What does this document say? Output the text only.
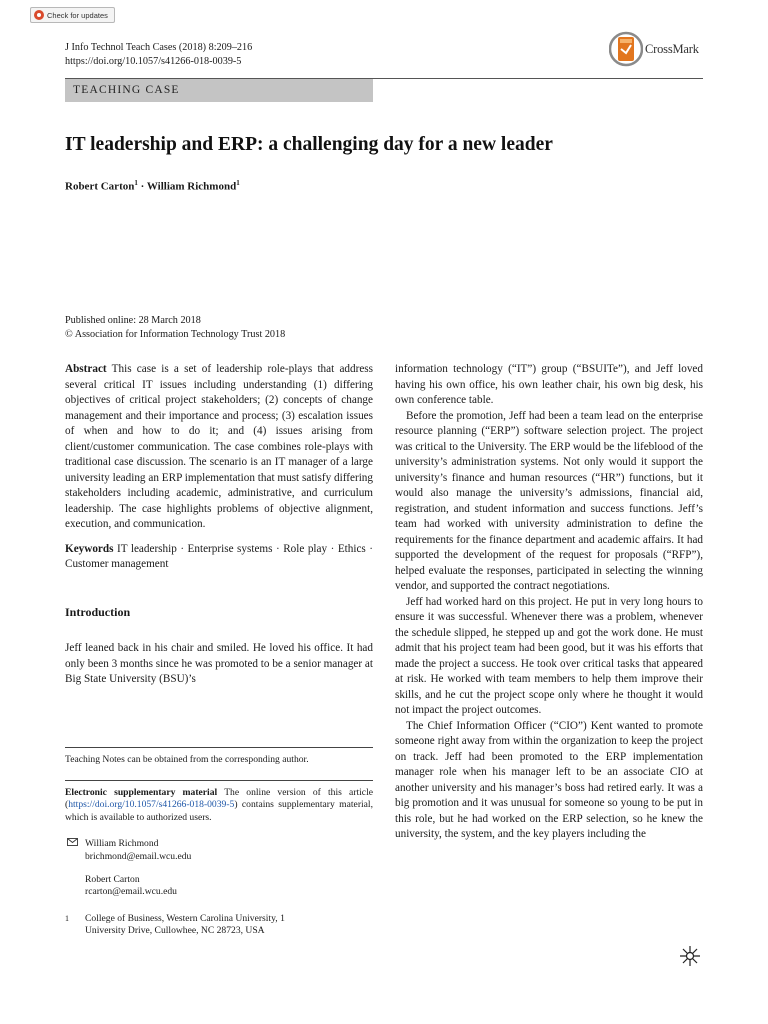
Check for updates
J Info Technol Teach Cases (2018) 8:209–216
https://doi.org/10.1057/s41266-018-0039-5
CrossMark
TEACHING CASE
IT leadership and ERP: a challenging day for a new leader
Robert Carton$^1$ · William Richmond$^1$
Published online: 28 March 2018
© Association for Information Technology Trust 2018

Abstract This case is a set of leadership role-plays that address several critical IT issues including understanding (1) differing objectives of critical project stakeholders; (2) concepts of change management and their importance and process; (3) escalation issues of when and how to do it; and (4) issues arising from client/customer communication. The case combines role-plays with traditional case discussion. The scenario is an IT manager of a large university leading an ERP implementation that must satisfy differing stakeholders including academic, administrative, and curriculum leadership. The case highlights problems of objective alignment, execution, and communication.

Keywords IT leadership · Enterprise systems · Role play · Ethics · Customer management

Introduction

Jeff leaned back in his chair and smiled. He loved his office. It had only been 3 months since he was promoted to be a senior manager at Big State University (BSU)’s

Teaching Notes can be obtained from the corresponding author.
Electronic supplementary material The online version of this article (https://doi.org/10.1057/s41266-018-0039-5) contains supplementary material, which is available to authorized users.
William Richmond
brichmond@email.wcu.edu
Robert Carton
rcarton@email.wcu.edu
1	College of Business, Western Carolina University, 1
University Drive, Cullowhee, NC 28723, USA

information technology (“IT”) group (“BSUITe”), and Jeff loved having his own office, his own leather chair, his own big desk, his own conference table.

Before the promotion, Jeff had been a team lead on the enterprise resource planning (“ERP”) software selection project. The project was critical to the University. The ERP would be the lifeblood of the university’s administration systems. Not only would it support the university’s finance and human resources (“HR”) functions, but it would also manage the university’s admissions, financial aid, registration, and student information and success functions. Jeff’s team had worked with university administration to define the requirements for the finance department and academic affairs. It had supported the development of the request for proposals (“RFP”), helped evaluate the responses, participated in selecting the winning vendor, and supported the contract negotiations.

Jeff had worked hard on this project. He put in very long hours to ensure it was successful. Whenever there was a problem, whenever the schedule slipped, he stepped up and got the work done. He must admit that his project team had been good, but it was his efforts that made the project a success. He took over critical tasks that appeared at risk. He worked with team members to help them improve their skills, and he cut the project scope only where he thought it would not impact the project outcomes.

The Chief Information Officer (“CIO”) Kent wanted to promote someone right away from within the organization to keep the project on track. Jeff had been promoted to the ERP implementation manager role when his manager left to be an associate CIO at another university and his manager’s boss had retired early. It was a big promotion and it was unusual for someone so young to be put in this role, but he had worked on the ERP selection, so he knew the university, the system, and the key players including the
